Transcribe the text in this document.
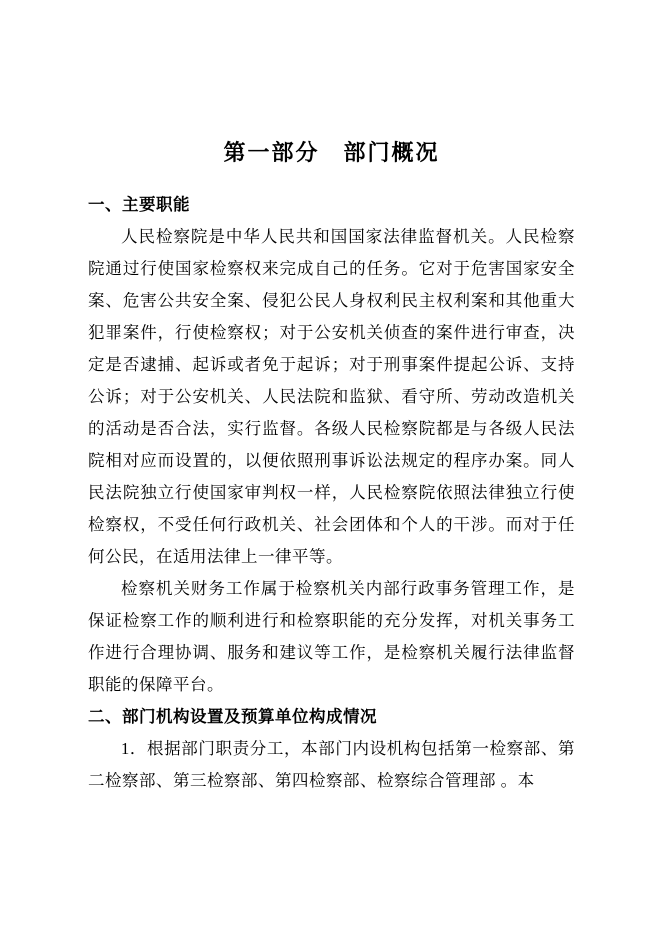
第一部分　部门概况
一、主要职能

人民检察院是中华人民共和国国家法律监督机关。人民检察院通过行使国家检察权来完成自己的任务。它对于危害国家安全案、危害公共安全案、侵犯公民人身权利民主权利案和其他重大犯罪案件，行使检察权；对于公安机关侦查的案件进行审查，决定是否逮捕、起诉或者免于起诉；对于刑事案件提起公诉、支持公诉；对于公安机关、人民法院和监狱、看守所、劳动改造机关的活动是否合法，实行监督。各级人民检察院都是与各级人民法院相对应而设置的，以便依照刑事诉讼法规定的程序办案。同人民法院独立行使国家审判权一样，人民检察院依照法律独立行使检察权，不受任何行政机关、社会团体和个人的干涉。而对于任何公民，在适用法律上一律平等。

检察机关财务工作属于检察机关内部行政事务管理工作，是保证检察工作的顺利进行和检察职能的充分发挥，对机关事务工作进行合理协调、服务和建议等工作，是检察机关履行法律监督职能的保障平台。

二、部门机构设置及预算单位构成情况

1．根据部门职责分工，本部门内设机构包括第一检察部、第二检察部、第三检察部、第四检察部、检察综合管理部 。本
